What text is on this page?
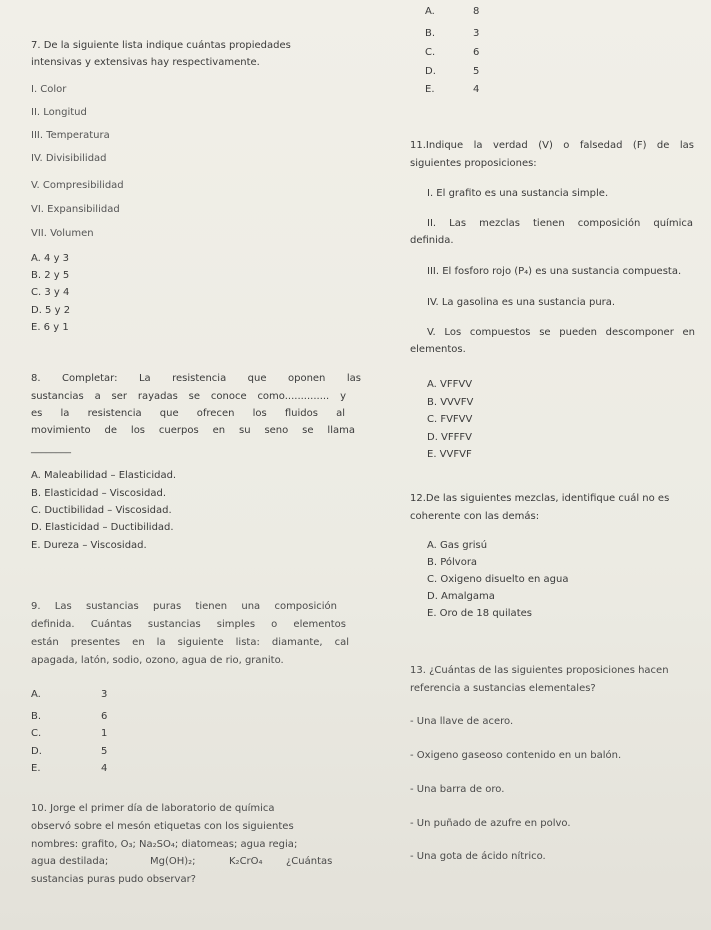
A.	8
B.	3
C.	6
D.	5
E.	4
7. De la siguiente lista indique cuántas propiedades
intensivas y extensivas hay respectivamente.
I. Color
II. Longitud
III. Temperatura
IV. Divisibilidad
V. Compresibilidad
VI. Expansibilidad
VII. Volumen
A. 4 y 3
B. 2 y 5
C. 3 y 4
D. 5 y 2
E. 6 y 1
8. Completar: La resistencia que oponen las
sustancias a ser rayadas se conoce como.............. y
es la resistencia que ofrecen los fluidos al
movimiento de los cuerpos en su seno se llama
________
A. Maleabilidad – Elasticidad.
B. Elasticidad – Viscosidad.
C. Ductibilidad – Viscosidad.
D. Elasticidad – Ductibilidad.
E. Dureza – Viscosidad.
9. Las sustancias puras tienen una composición
definida. Cuántas sustancias simples o elementos
están presentes en la siguiente lista: diamante, cal
apagada, latón, sodio, ozono, agua de rio, granito.
A.	3
B.	6
C.	1
D.	5
E.	4
10. Jorge el primer día de laboratorio de química
observó sobre el mesón etiquetas con los siguientes
nombres: grafito, O₃; Na₂SO₄; diatomeas; agua regia;
agua destilada;	Mg(OH)₂;	K₂CrO₄ ¿Cuántas
sustancias puras pudo observar?
11.Indique la verdad (V) o falsedad (F) de las
siguientes proposiciones:
I. El grafito es una sustancia simple.
II. Las mezclas tienen composición química
definida.
III. El fosforo rojo (P₄) es una sustancia compuesta.
IV. La gasolina es una sustancia pura.
V. Los compuestos se pueden descomponer en
elementos.
A. VFFVV
B. VVVFV
C. FVFVV
D. VFFFV
E. VVFVF
12.De las siguientes mezclas, identifique cuál no es
coherente con las demás:
A. Gas grisú
B. Pólvora
C. Oxigeno disuelto en agua
D. Amalgama
E. Oro de 18 quilates
13. ¿Cuántas de las siguientes proposiciones hacen
referencia a sustancias elementales?
- Una llave de acero.
- Oxigeno gaseoso contenido en un balón.
- Una barra de oro.
- Un puñado de azufre en polvo.
- Una gota de ácido nítrico.
